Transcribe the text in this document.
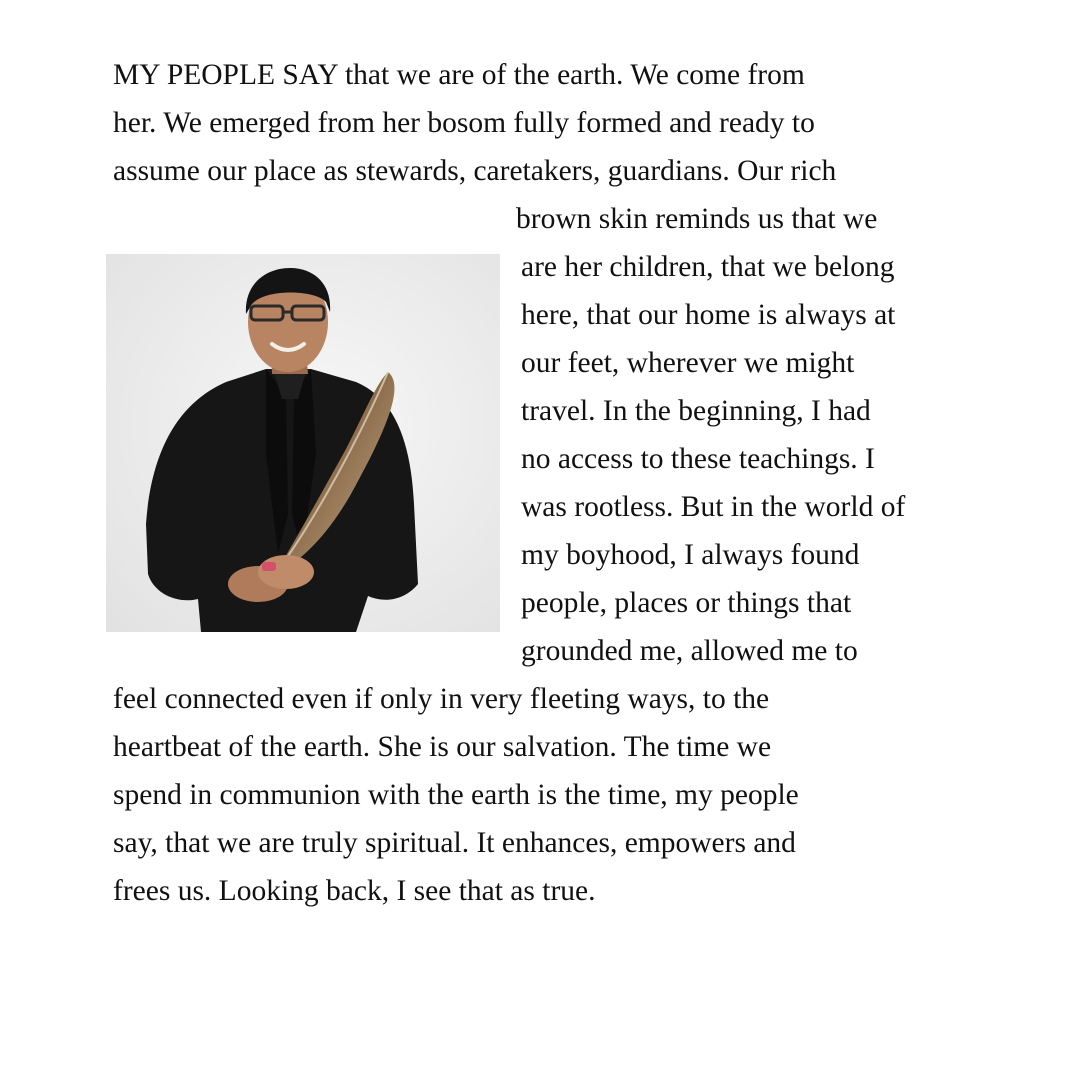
MY PEOPLE SAY that we are of the earth. We come from
her. We emerged from her bosom fully formed and ready to
assume our place as stewards, caretakers, guardians. Our rich
brown skin reminds us that we
are her children, that we belong
here, that our home is always at
our feet, wherever we might
travel. In the beginning, I had
no access to these teachings. I
was rootless. But in the world of
my boyhood, I always found
people, places or things that
grounded me, allowed me to
feel connected even if only in very fleeting ways, to the
heartbeat of the earth. She is our salvation. The time we
spend in communion with the earth is the time, my people
say, that we are truly spiritual. It enhances, empowers and
frees us. Looking back, I see that as true.
